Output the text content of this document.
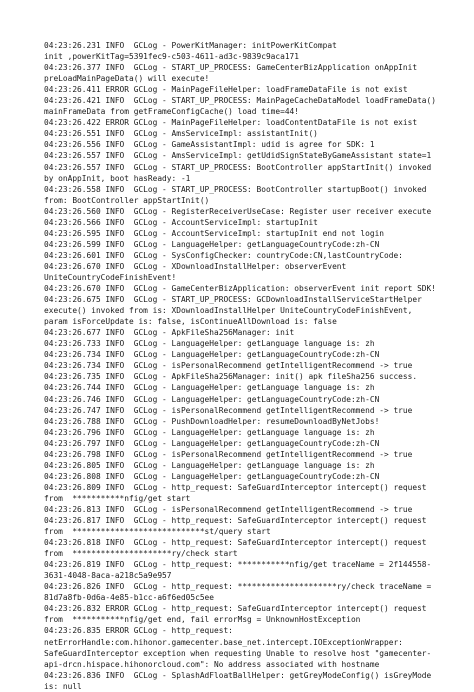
04:23:26.231 INFO  GCLog - PowerKitManager: initPowerKitCompat
init ,powerKitTag=5391fec9-c503-4611-ad3c-9839c9aca171
04:23:26.377 INFO  GCLog - START_UP_PROCESS: GameCenterBizApplication onAppInit
preLoadMainPageData() will execute!
04:23:26.411 ERROR GCLog - MainPageFileHelper: loadFrameDataFile is not exist
04:23:26.421 INFO  GCLog - START_UP_PROCESS: MainPageCacheDataModel loadFrameData()
mainFrameData from getFrameConfigCache() load time=44!
04:23:26.422 ERROR GCLog - MainPageFileHelper: loadContentDataFile is not exist
04:23:26.551 INFO  GCLog - AmsServiceImpl: assistantInit()
04:23:26.556 INFO  GCLog - GameAssistantImpl: udid is agree for SDK: 1
04:23:26.557 INFO  GCLog - AmsServiceImpl: getUdidSignStateByGameAssistant state=1
04:23:26.557 INFO  GCLog - START_UP_PROCESS: BootController appStartInit() invoked
by onAppInit, boot hasReady: -1
04:23:26.558 INFO  GCLog - START_UP_PROCESS: BootController startupBoot() invoked
from: BootController appStartInit()
04:23:26.560 INFO  GCLog - RegisterReceiverUseCase: Register user receiver execute
04:23:26.566 INFO  GCLog - AccountServiceImpl: startupInit
04:23:26.595 INFO  GCLog - AccountServiceImpl: startupInit end not login
04:23:26.599 INFO  GCLog - LanguageHelper: getLanguageCountryCode:zh-CN
04:23:26.601 INFO  GCLog - SysConfigChecker: countryCode:CN,lastCountryCode:
04:23:26.670 INFO  GCLog - XDownloadInstallHelper: observerEvent
UniteCountryCodeFinishEvent!
04:23:26.670 INFO  GCLog - GameCenterBizApplication: observerEvent init report SDK!
04:23:26.675 INFO  GCLog - START_UP_PROCESS: GCDownloadInstallServiceStartHelper
execute() invoked from is: XDownloadInstallHelper UniteCountryCodeFinishEvent,
param isForceUpdate is: false, isContinueAllDownload is: false
04:23:26.677 INFO  GCLog - ApkFileSha256Manager: init
04:23:26.733 INFO  GCLog - LanguageHelper: getLanguage language is: zh
04:23:26.734 INFO  GCLog - LanguageHelper: getLanguageCountryCode:zh-CN
04:23:26.734 INFO  GCLog - isPersonalRecommend getIntelligentRecommend -> true
04:23:26.735 INFO  GCLog - ApkFileSha256Manager: init() apk fileSha256 success.
04:23:26.744 INFO  GCLog - LanguageHelper: getLanguage language is: zh
04:23:26.746 INFO  GCLog - LanguageHelper: getLanguageCountryCode:zh-CN
04:23:26.747 INFO  GCLog - isPersonalRecommend getIntelligentRecommend -> true
04:23:26.788 INFO  GCLog - PushDownloadHelper: resumeDownloadByNetJobs!
04:23:26.796 INFO  GCLog - LanguageHelper: getLanguage language is: zh
04:23:26.797 INFO  GCLog - LanguageHelper: getLanguageCountryCode:zh-CN
04:23:26.798 INFO  GCLog - isPersonalRecommend getIntelligentRecommend -> true
04:23:26.805 INFO  GCLog - LanguageHelper: getLanguage language is: zh
04:23:26.808 INFO  GCLog - LanguageHelper: getLanguageCountryCode:zh-CN
04:23:26.809 INFO  GCLog - http_request: SafeGuardInterceptor intercept() request
from  ***********nfig/get start
04:23:26.813 INFO  GCLog - isPersonalRecommend getIntelligentRecommend -> true
04:23:26.817 INFO  GCLog - http_request: SafeGuardInterceptor intercept() request
from  ****************************st/query start
04:23:26.818 INFO  GCLog - http_request: SafeGuardInterceptor intercept() request
from  *********************ry/check start
04:23:26.819 INFO  GCLog - http_request: ***********nfig/get traceName = 2f144558-
3631-4048-8aca-a218c5a9e957
04:23:26.826 INFO  GCLog - http_request: *********************ry/check traceName =
81d7a8fb-0d6a-4e85-b1cc-a6f6ed05c5ee
04:23:26.832 ERROR GCLog - http_request: SafeGuardInterceptor intercept() request
from  ***********nfig/get end, fail errorMsg = UnknownHostException
04:23:26.835 ERROR GCLog - http_request:
netErrorHandle:com.hihonor.gamecenter.base_net.intercept.IOExceptionWrapper:
SafeGuardInterceptor exception when requesting Unable to resolve host "gamecenter-
api-drcn.hispace.hihonorcloud.com": No address associated with hostname
04:23:26.836 INFO  GCLog - SplashAdFloatBallHelper: getGreyModeConfig() isGreyMode
is: null
